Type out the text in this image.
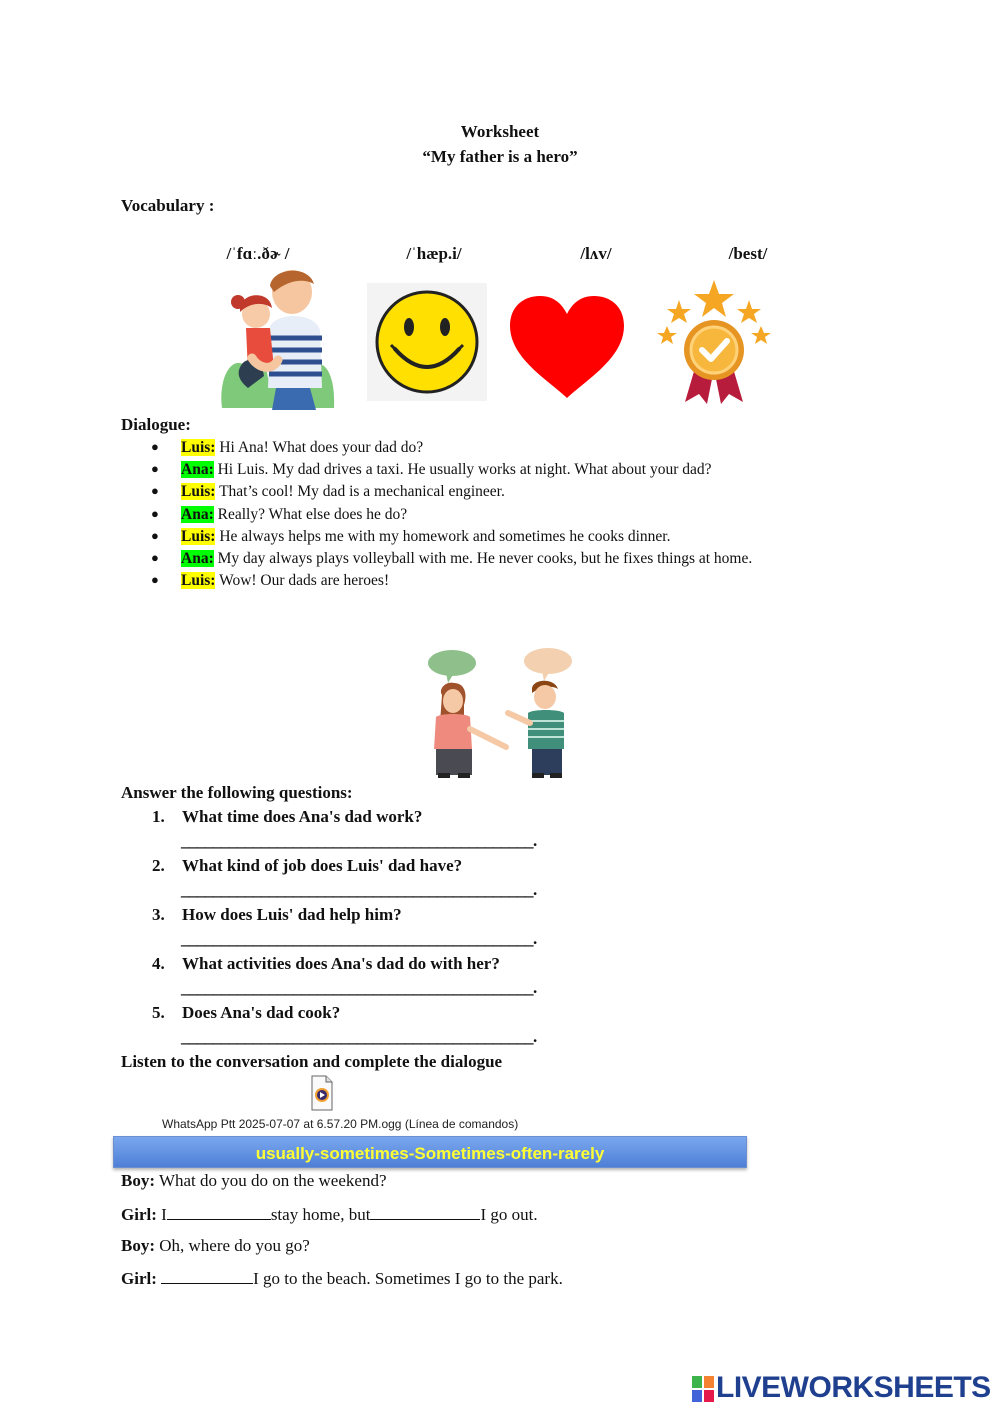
Worksheet
“My father is a hero”
Vocabulary :
/ˈfɑː.ðɚ /	/ˈhæp.i/	/lʌv/	/best/
Dialogue:
● Luis: Hi Ana! What does your dad do?
● Ana: Hi Luis. My dad drives a taxi. He usually works at night. What about your dad?
● Luis: That’s cool! My dad is a mechanical engineer.
● Ana: Really? What else does he do?
● Luis: He always helps me with my homework and sometimes he cooks dinner.
● Ana: My day always plays volleyball with me. He never cooks, but he fixes things at home.
● Luis: Wow! Our dads are heroes!
Answer the following questions:
1. What time does Ana's dad work?
____________________________________________.
2. What kind of job does Luis' dad have?
____________________________________________.
3. How does Luis' dad help him?
____________________________________________.
4. What activities does Ana's dad do with her?
____________________________________________.
5. Does Ana's dad cook?
____________________________________________.
Listen to the conversation and complete the dialogue
WhatsApp Ptt 2025-07-07 at 6.57.20 PM.ogg (Línea de comandos)
usually-sometimes-Sometimes-often-rarely
Boy: What do you do on the weekend?
Girl: I	stay home, but	I go out.
Boy: Oh, where do you go?
Girl:	I go to the beach. Sometimes I go to the park.
LIVEWORKSHEETS
